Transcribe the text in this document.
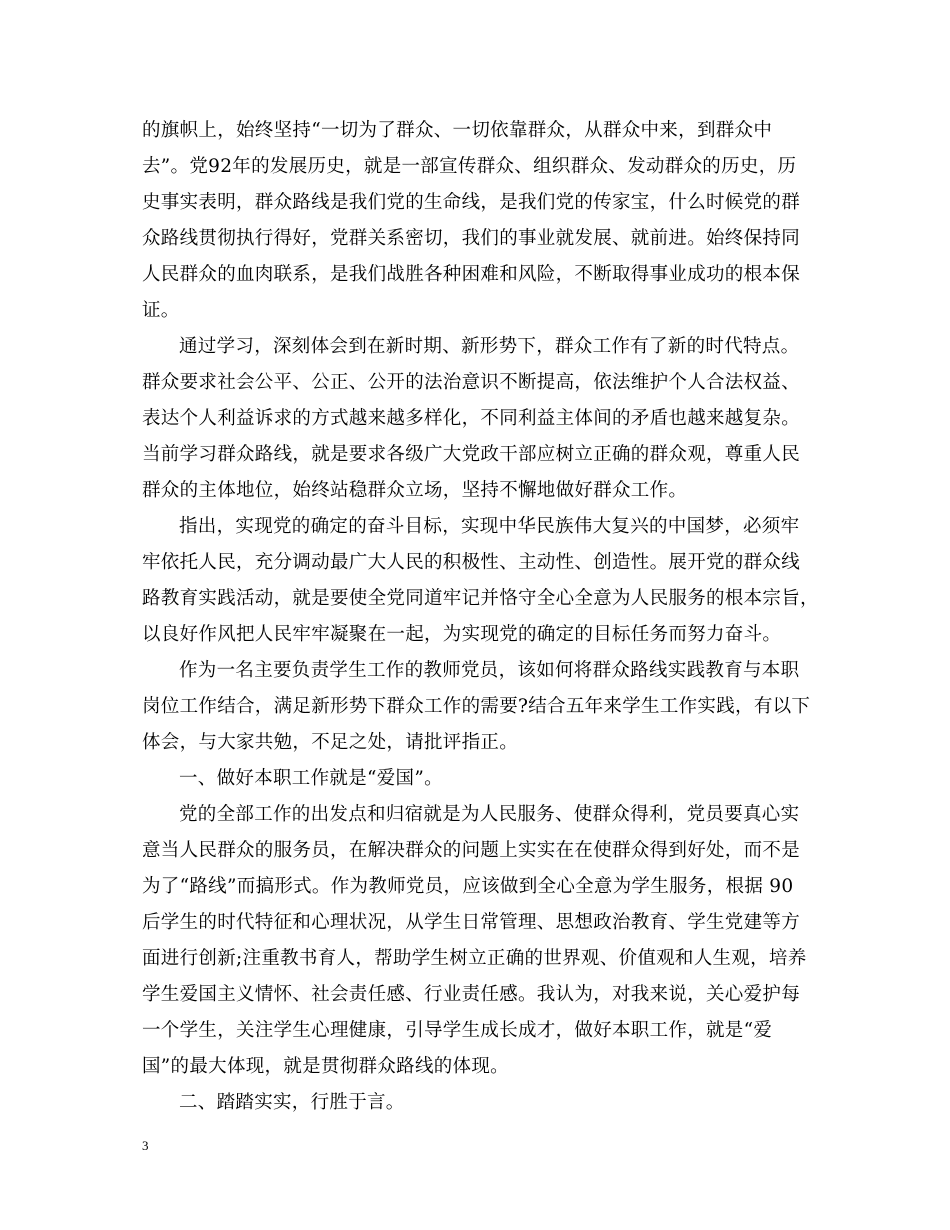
的旗帜上，始终坚持“一切为了群众、一切依靠群众，从群众中来，到群众中
去”。党92年的发展历史，就是一部宣传群众、组织群众、发动群众的历史，历
史事实表明，群众路线是我们党的生命线，是我们党的传家宝，什么时候党的群
众路线贯彻执行得好，党群关系密切，我们的事业就发展、就前进。始终保持同
人民群众的血肉联系，是我们战胜各种困难和风险，不断取得事业成功的根本保
证。
通过学习，深刻体会到在新时期、新形势下，群众工作有了新的时代特点。
群众要求社会公平、公正、公开的法治意识不断提高，依法维护个人合法权益、
表达个人利益诉求的方式越来越多样化，不同利益主体间的矛盾也越来越复杂。
当前学习群众路线，就是要求各级广大党政干部应树立正确的群众观，尊重人民
群众的主体地位，始终站稳群众立场，坚持不懈地做好群众工作。
指出，实现党的确定的奋斗目标，实现中华民族伟大复兴的中国梦，必须牢
牢依托人民，充分调动最广大人民的积极性、主动性、创造性。展开党的群众线
路教育实践活动，就是要使全党同道牢记并恪守全心全意为人民服务的根本宗旨，
以良好作风把人民牢牢凝聚在一起，为实现党的确定的目标任务而努力奋斗。
作为一名主要负责学生工作的教师党员，该如何将群众路线实践教育与本职
岗位工作结合，满足新形势下群众工作的需要?结合五年来学生工作实践，有以下
体会，与大家共勉，不足之处，请批评指正。
一、做好本职工作就是“爱国”。
党的全部工作的出发点和归宿就是为人民服务、使群众得利，党员要真心实
意当人民群众的服务员，在解决群众的问题上实实在在使群众得到好处，而不是
为了“路线”而搞形式。作为教师党员，应该做到全心全意为学生服务，根据 90
后学生的时代特征和心理状况，从学生日常管理、思想政治教育、学生党建等方
面进行创新;注重教书育人，帮助学生树立正确的世界观、价值观和人生观，培养
学生爱国主义情怀、社会责任感、行业责任感。我认为，对我来说，关心爱护每
一个学生，关注学生心理健康，引导学生成长成才，做好本职工作，就是“爱
国”的最大体现，就是贯彻群众路线的体现。
二、踏踏实实，行胜于言。
3
